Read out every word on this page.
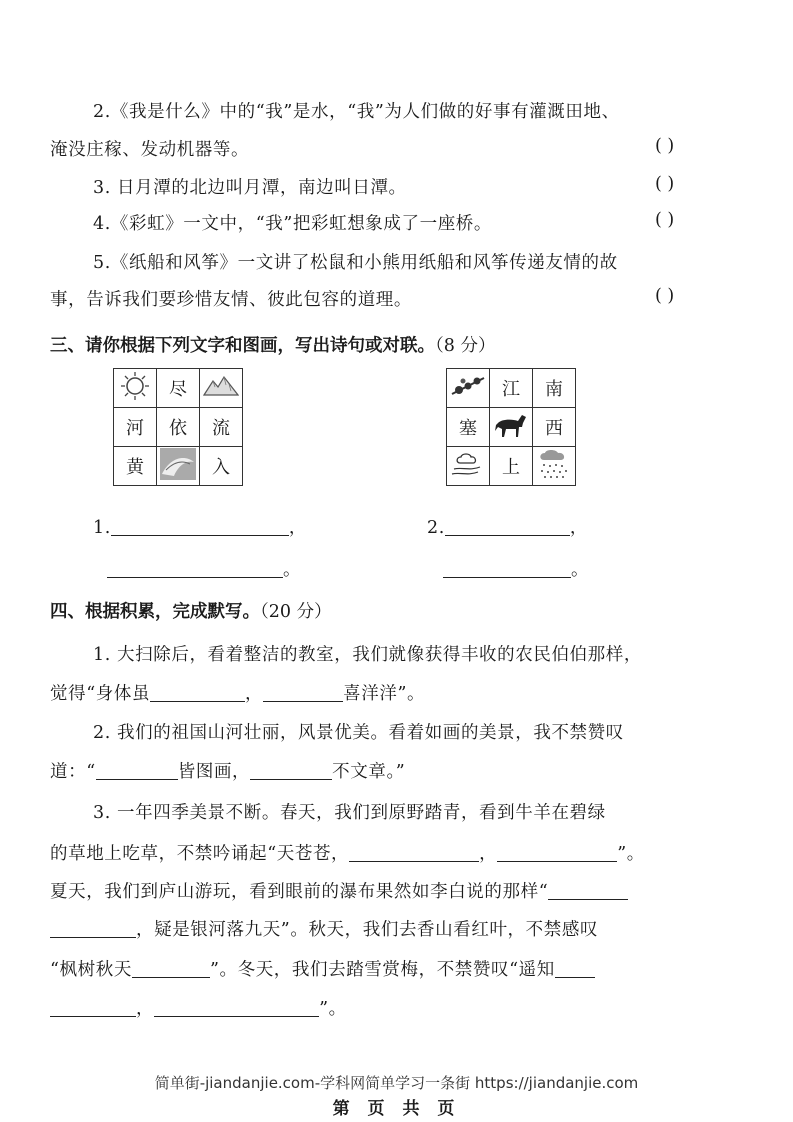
2.《我是什么》中的“我”是水，“我”为人们做的好事有灌溉田地、
淹没庄稼、发动机器等。	( )
3. 日月潭的北边叫月潭，南边叫日潭。	( )
4.《彩虹》一文中，“我”把彩虹想象成了一座桥。	( )
5.《纸船和风筝》一文讲了松鼠和小熊用纸船和风筝传递友情的故
事，告诉我们要珍惜友情、彼此包容的道理。	( )
三、请你根据下列文字和图画，写出诗句或对联。（8 分）
	尽	
河	依	流
黄		入
	江	南
塞		西
	上	
1.	，
。
2.	，
。
四、根据积累，完成默写。（20 分）
1. 大扫除后，看着整洁的教室，我们就像获得丰收的农民伯伯那样，
觉得“身体虽	，	喜洋洋”。
2. 我们的祖国山河壮丽，风景优美。看着如画的美景，我不禁赞叹
道：“	皆图画，	不文章。”
3. 一年四季美景不断。春天，我们到原野踏青，看到牛羊在碧绿
的草地上吃草，不禁吟诵起“天苍苍，	，	”。
夏天，我们到庐山游玩，看到眼前的瀑布果然如李白说的那样“
，疑是银河落九天”。秋天，我们去香山看红叶，不禁感叹
“枫树秋天	”。冬天，我们去踏雪赏梅，不禁赞叹“遥知
，	”。
简单街-jiandanjie.com-学科网简单学习一条街 https://jiandanjie.com
第 页 共 页
